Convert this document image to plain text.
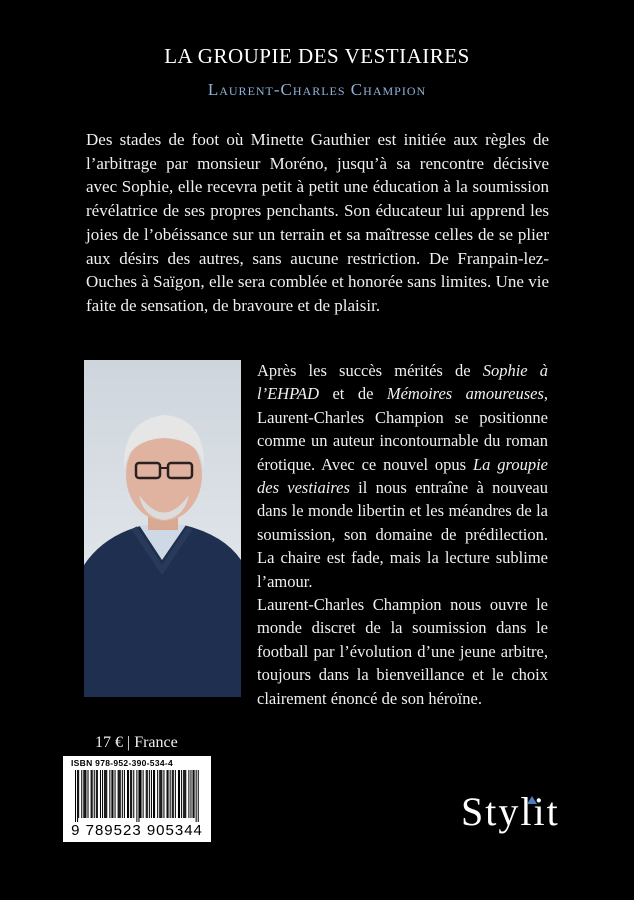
LA GROUPIE DES VESTIAIRES
Laurent-Charles Champion
Des stades de foot où Minette Gauthier est initiée aux règles de l’arbitrage par monsieur Moréno, jusqu’à sa rencontre décisive avec Sophie, elle recevra petit à petit une éducation à la soumission révélatrice de ses propres penchants. Son éducateur lui apprend les joies de l’obéissance sur un terrain et sa maîtresse celles de se plier aux désirs des autres, sans aucune restriction. De Franpain-lez-Ouches à Saïgon, elle sera comblée et honorée sans limites. Une vie faite de sensation, de bravoure et de plaisir.

Après les succès mérités de Sophie à l’EHPAD et de Mémoires amoureuses, Laurent-Charles Champion se positionne comme un auteur incontournable du roman érotique. Avec ce nouvel opus La groupie des vestiaires il nous entraîne à nouveau dans le monde libertin et les méandres de la soumission, son domaine de prédilection. La chaire est fade, mais la lecture sublime l’amour.

Laurent-Charles Champion nous ouvre le monde discret de la soumission dans le football par l’évolution d’une jeune arbitre, toujours dans la bienveillance et le choix clairement énoncé de son héroïne.

17 € | France
ISBN 978-952-390-534-4
9 789523 905344	Stylit
